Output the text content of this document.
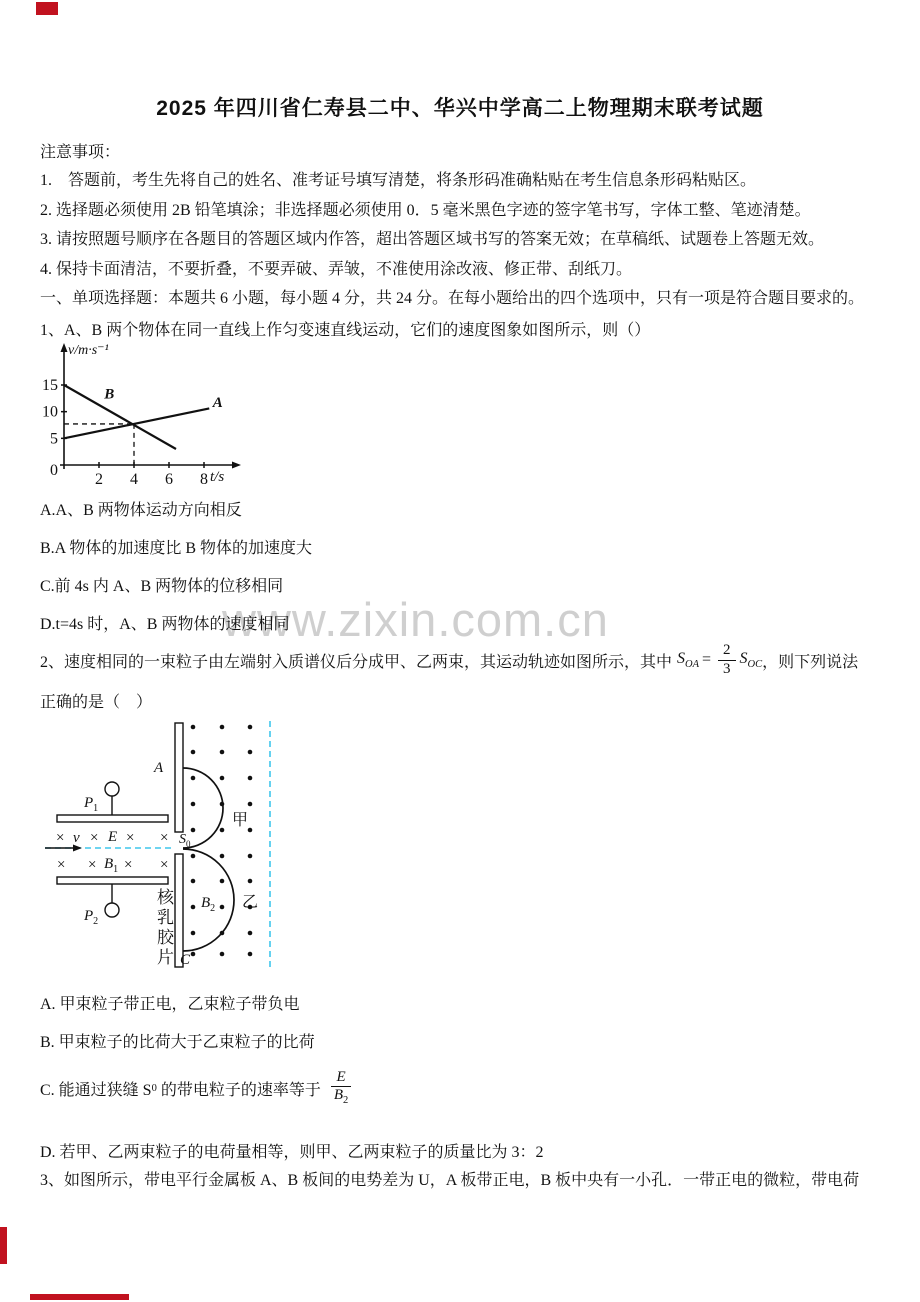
www.zixin.com.cn
2025 年四川省仁寿县二中、华兴中学高二上物理期末联考试题
注意事项：
1.　答题前，考生先将自己的姓名、准考证号填写清楚，将条形码准确粘贴在考生信息条形码粘贴区。
2. 选择题必须使用 2B 铅笔填涂；非选择题必须使用 0．5 毫米黑色字迹的签字笔书写，字体工整、笔迹清楚。
3. 请按照题号顺序在各题目的答题区域内作答，超出答题区域书写的答案无效；在草稿纸、试题卷上答题无效。
4. 保持卡面清洁，不要折叠，不要弄破、弄皱，不准使用涂改液、修正带、刮纸刀。
一、单项选择题：本题共 6 小题，每小题 4 分，共 24 分。在每小题给出的四个选项中，只有一项是符合题目要求的。
1、A、B 两个物体在同一直线上作匀变速直线运动，它们的速度图象如图所示，则（）
2 4 6 8
0
5
10
15
A
B
v/m·s⁻¹
t/s
A.A、B 两物体运动方向相反
B.A 物体的加速度比 B 物体的加速度大
C.前 4s 内 A、B 两物体的位移相同
D.t=4s 时，A、B 两物体的速度相同
2、速度相同的一束粒子由左端射入质谱仪后分成甲、乙两束，其运动轨迹如图所示，其中 $S_{OA} = \frac{2}{3} S_{OC}$ ，则下列说法
正确的是（　）
$P_1$
$P_2$
× v × E × ×
× × $B_1$ × ×
A
C
$S_0$
甲
乙
$B_2$
核乳胶片
A. 甲束粒子带正电，乙束粒子带负电
B. 甲束粒子的比荷大于乙束粒子的比荷
C. 能通过狭缝 S 0 的带电粒子的速率等于 $\frac{E}{B_2}$
D. 若甲、乙两束粒子的电荷量相等，则甲、乙两束粒子的质量比为 3：2
3、如图所示，带电平行金属板 A、B 板间的电势差为 U，A 板带正电，B 板中央有一小孔．一带正电的微粒，带电荷
